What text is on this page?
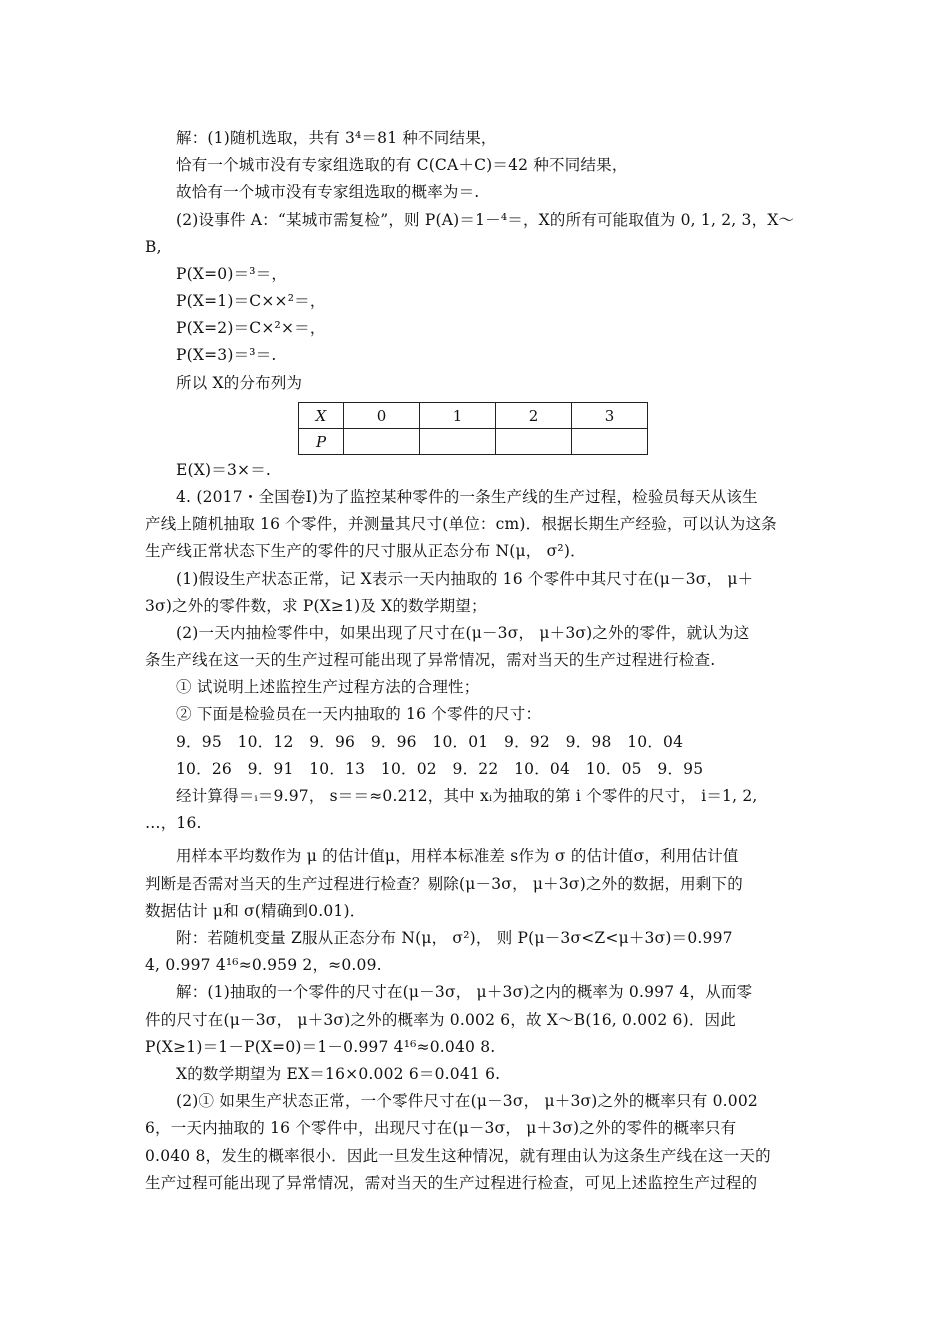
解：(1)随机选取，共有 3⁴＝81 种不同结果，
恰有一个城市没有专家组选取的有 C(CA＋C)＝42 种不同结果，
故恰有一个城市没有专家组选取的概率为＝.
(2)设事件 A：“某城市需复检”，则 P(A)＝1－⁴＝，X的所有可能取值为 0, 1, 2, 3，X～
B,
P(X=0)＝³＝，
P(X=1)＝C××²＝，
P(X=2)＝C×²×＝，
P(X=3)＝³＝.
所以 X的分布列为
X	0	1	2	3
P				
E(X)＝3×＝.
4. (2017・全国卷Ⅰ)为了监控某种零件的一条生产线的生产过程，检验员每天从该生
产线上随机抽取 16 个零件，并测量其尺寸(单位：cm)．根据长期生产经验，可以认为这条
生产线正常状态下生产的零件的尺寸服从正态分布 N(μ， σ²)．
(1)假设生产状态正常，记 X表示一天内抽取的 16 个零件中其尺寸在(μ－3σ， μ＋
3σ)之外的零件数，求 P(X≥1)及 X的数学期望；
(2)一天内抽检零件中，如果出现了尺寸在(μ－3σ， μ＋3σ)之外的零件，就认为这
条生产线在这一天的生产过程可能出现了异常情况，需对当天的生产过程进行检查.
① 试说明上述监控生产过程方法的合理性；
② 下面是检验员在一天内抽取的 16 个零件的尺寸：
9．95　10．12　9．96　9．96　10．01　9．92　9．98　10．04
10．26　9．91　10．13　10．02　9．22　10．04　10．05　9．95
经计算得＝ᵢ＝9.97， s＝＝≈0.212，其中 xᵢ为抽取的第 i 个零件的尺寸， i＝1, 2,
…，16.
用样本平均数作为 μ 的估计值μ，用样本标准差 s作为 σ 的估计值σ，利用估计值
判断是否需对当天的生产过程进行检查？剔除(μ－3σ， μ＋3σ)之外的数据，用剩下的
数据估计 μ和 σ(精确到0.01)．
附：若随机变量 Z服从正态分布 N(μ， σ²)， 则 P(μ－3σ<Z<μ＋3σ)＝0.997
4, 0.997 4¹⁶≈0.959 2，≈0.09.
解：(1)抽取的一个零件的尺寸在(μ－3σ， μ＋3σ)之内的概率为 0.997 4，从而零
件的尺寸在(μ－3σ， μ＋3σ)之外的概率为 0.002 6，故 X～B(16, 0.002 6)．因此
P(X≥1)＝1－P(X=0)＝1－0.997 4¹⁶≈0.040 8.
X的数学期望为 EX＝16×0.002 6＝0.041 6.
(2)① 如果生产状态正常，一个零件尺寸在(μ－3σ， μ＋3σ)之外的概率只有 0.002
6，一天内抽取的 16 个零件中，出现尺寸在(μ－3σ， μ＋3σ)之外的零件的概率只有
0.040 8，发生的概率很小．因此一旦发生这种情况，就有理由认为这条生产线在这一天的
生产过程可能出现了异常情况，需对当天的生产过程进行检查，可见上述监控生产过程的
